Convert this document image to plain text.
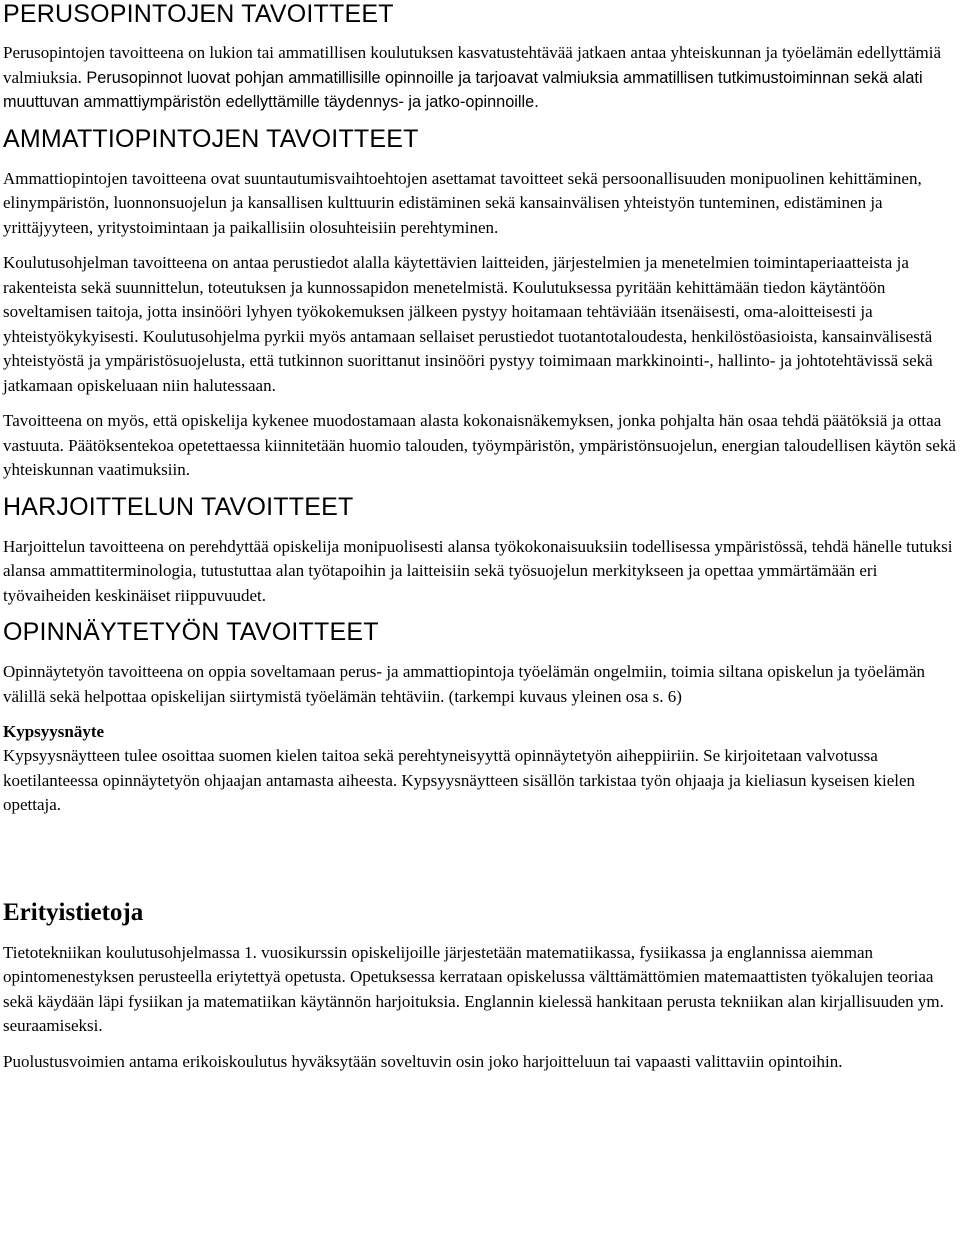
PERUSOPINTOJEN TAVOITTEET

Perusopintojen tavoitteena on lukion tai ammatillisen koulutuksen kasvatustehtävää jatkaen antaa yhteiskunnan ja työelämän edellyttämiä valmiuksia. Perusopinnot luovat pohjan ammatillisille opinnoille ja tarjoavat valmiuksia ammatillisen tutkimustoiminnan sekä alati muuttuvan ammattiympäristön edellyttämille täydennys- ja jatko-opinnoille.

AMMATTIOPINTOJEN TAVOITTEET

Ammattiopintojen tavoitteena ovat suuntautumisvaihtoehtojen asettamat tavoitteet sekä persoonallisuuden monipuolinen kehittäminen, elinympäristön, luonnonsuojelun ja kansallisen kulttuurin edistäminen sekä kansainvälisen yhteistyön tunteminen, edistäminen ja yrittäjyyteen, yritystoimintaan ja paikallisiin olosuhteisiin perehtyminen.

Koulutusohjelman tavoitteena on antaa perustiedot alalla käytettävien laitteiden, järjestelmien ja menetelmien toimintaperiaatteista ja rakenteista sekä suunnittelun, toteutuksen ja kunnossapidon menetelmistä. Koulutuksessa pyritään kehittämään tiedon käytäntöön soveltamisen taitoja, jotta insinööri lyhyen työkokemuksen jälkeen pystyy hoitamaan tehtäviään itsenäisesti, oma-aloitteisesti ja yhteistyökykyisesti. Koulutusohjelma pyrkii myös antamaan sellaiset perustiedot tuotantotaloudesta, henkilöstöasioista, kansainvälisestä yhteistyöstä ja ympäristösuojelusta, että tutkinnon suorittanut insinööri pystyy toimimaan markkinointi-, hallinto- ja johtotehtävissä sekä jatkamaan opiskeluaan niin halutessaan.

Tavoitteena on myös, että opiskelija kykenee muodostamaan alasta kokonaisnäkemyksen, jonka pohjalta hän osaa tehdä päätöksiä ja ottaa vastuuta. Päätöksentekoa opetettaessa kiinnitetään huomio talouden, työympäristön, ympäristönsuojelun, energian taloudellisen käytön sekä yhteiskunnan vaatimuksiin.

HARJOITTELUN TAVOITTEET

Harjoittelun tavoitteena on perehdyttää opiskelija monipuolisesti alansa työkokonaisuuksiin todellisessa ympäristössä, tehdä hänelle tutuksi alansa ammattiterminologia, tutustuttaa alan työtapoihin ja laitteisiin sekä työsuojelun merkitykseen ja opettaa ymmärtämään eri työvaiheiden keskinäiset riippuvuudet.

OPINNÄYTETYÖN TAVOITTEET

Opinnäytetyön tavoitteena on oppia soveltamaan perus- ja ammattiopintoja työelämän ongelmiin, toimia siltana opiskelun ja työelämän välillä sekä helpottaa opiskelijan siirtymistä työelämän tehtäviin. (tarkempi kuvaus yleinen osa s. 6)

Kypsyysnäyte

Kypsyysnäytteen tulee osoittaa suomen kielen taitoa sekä perehtyneisyyttä opinnäytetyön aiheppiiriin. Se kirjoitetaan valvotussa koetilanteessa opinnäytetyön ohjaajan antamasta aiheesta. Kypsyysnäytteen sisällön tarkistaa työn ohjaaja ja kieliasun kyseisen kielen opettaja.

Erityistietoja

Tietotekniikan koulutusohjelmassa 1. vuosikurssin opiskelijoille järjestetään matematiikassa, fysiikassa ja englannissa aiemman opintomenestyksen perusteella eriytettyä opetusta. Opetuksessa kerrataan opiskelussa välttämättömien matemaattisten työkalujen teoriaa sekä käydään läpi fysiikan ja matematiikan käytännön harjoituksia. Englannin kielessä hankitaan perusta tekniikan alan kirjallisuuden ym. seuraamiseksi.

Puolustusvoimien antama erikoiskoulutus hyväksytään soveltuvin osin joko harjoitteluun tai vapaasti valittaviin opintoihin.
